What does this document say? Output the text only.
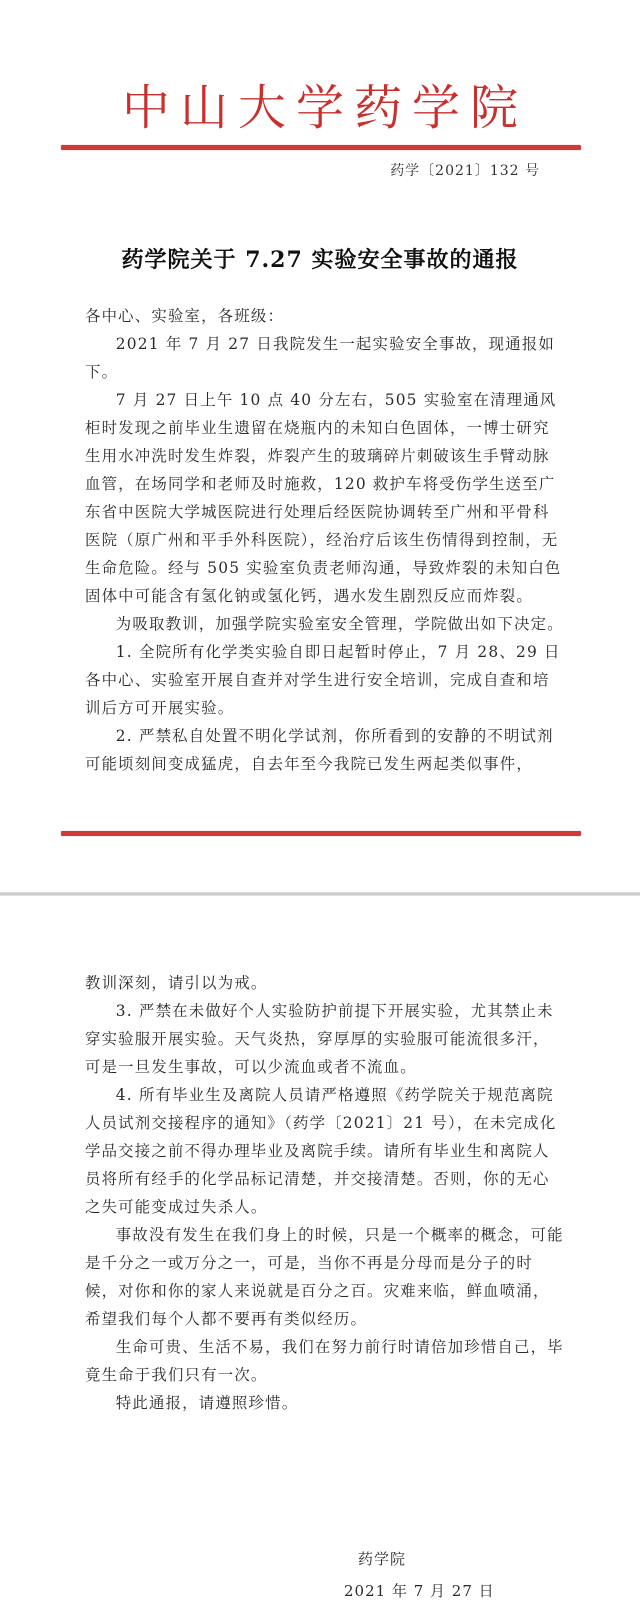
中山大学药学院
药学〔2021〕132 号
药学院关于 7.27 实验安全事故的通报

各中心、实验室，各班级：

2021 年 7 月 27 日我院发生一起实验安全事故，现通报如下。

7 月 27 日上午 10 点 40 分左右，505 实验室在清理通风柜时发现之前毕业生遗留在烧瓶内的未知白色固体，一博士研究生用水冲洗时发生炸裂，炸裂产生的玻璃碎片刺破该生手臂动脉血管，在场同学和老师及时施救，120 救护车将受伤学生送至广东省中医院大学城医院进行处理后经医院协调转至广州和平骨科医院（原广州和平手外科医院），经治疗后该生伤情得到控制，无生命危险。经与 505 实验室负责老师沟通，导致炸裂的未知白色固体中可能含有氢化钠或氢化钙，遇水发生剧烈反应而炸裂。

为吸取教训，加强学院实验室安全管理，学院做出如下决定。

1. 全院所有化学类实验自即日起暂时停止，7 月 28、29 日各中心、实验室开展自查并对学生进行安全培训，完成自查和培训后方可开展实验。

2. 严禁私自处置不明化学试剂，你所看到的安静的不明试剂可能顷刻间变成猛虎，自去年至今我院已发生两起类似事件，

教训深刻，请引以为戒。

3. 严禁在未做好个人实验防护前提下开展实验，尤其禁止未穿实验服开展实验。天气炎热，穿厚厚的实验服可能流很多汗，可是一旦发生事故，可以少流血或者不流血。

4. 所有毕业生及离院人员请严格遵照《药学院关于规范离院人员试剂交接程序的通知》（药学〔2021〕21 号），在未完成化学品交接之前不得办理毕业及离院手续。请所有毕业生和离院人员将所有经手的化学品标记清楚，并交接清楚。否则，你的无心之失可能变成过失杀人。

事故没有发生在我们身上的时候，只是一个概率的概念，可能是千分之一或万分之一，可是，当你不再是分母而是分子的时候，对你和你的家人来说就是百分之百。灾难来临，鲜血喷涌，希望我们每个人都不要再有类似经历。

生命可贵、生活不易，我们在努力前行时请倍加珍惜自己，毕竟生命于我们只有一次。

特此通报，请遵照珍惜。

药学院
2021 年 7 月 27 日
